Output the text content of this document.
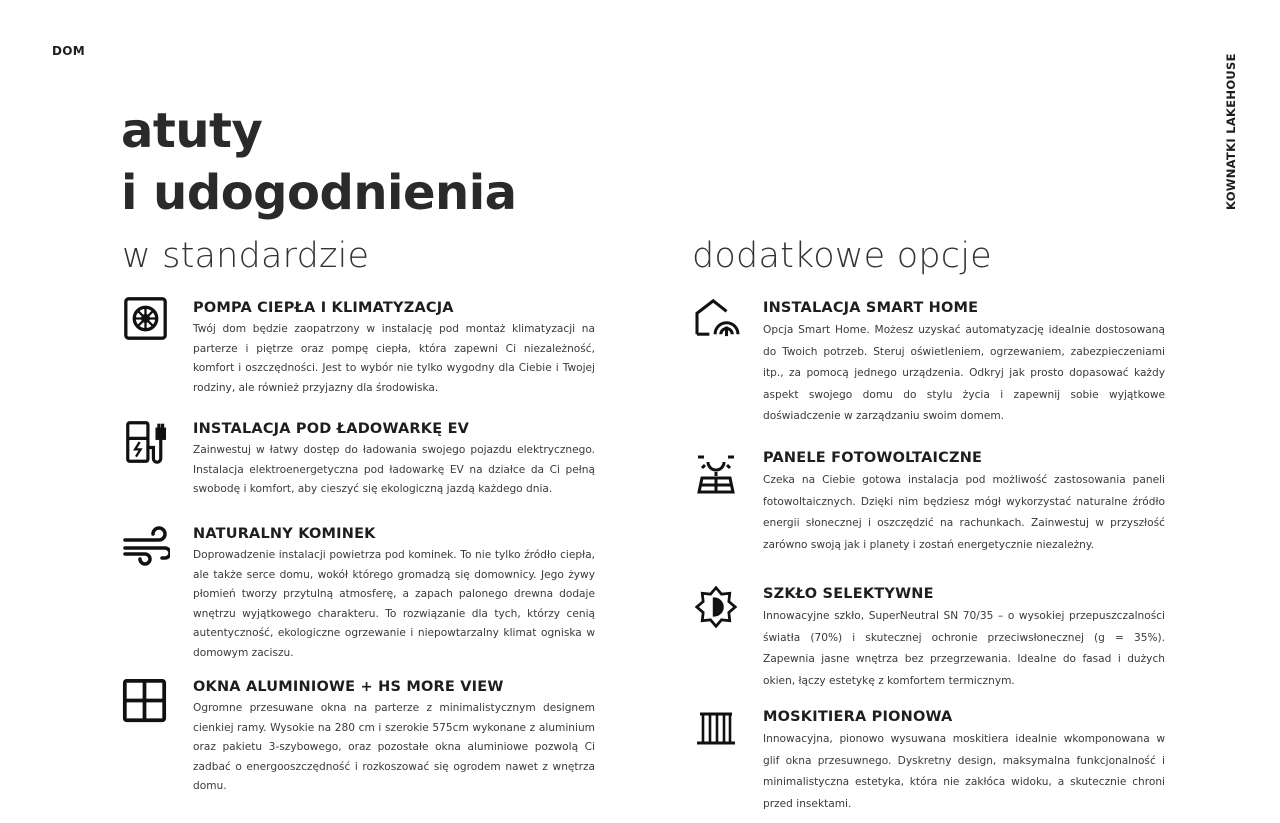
DOM
KOWNATKI LAKEHOUSE
atuty
i udogodnienia
w standardzie	dodatkowe opcje
POMPA CIEPŁA I KLIMATYZACJA

Twój dom będzie zaopatrzony w instalację pod montaż klimatyzacji na parterze i piętrze oraz pompę ciepła, która zapewni Ci niezależność, komfort i oszczędności. Jest to wybór nie tylko wygodny dla Ciebie i Twojej rodziny, ale również przyjazny dla środowiska.

INSTALACJA POD ŁADOWARKĘ EV

Zainwestuj w łatwy dostęp do ładowania swojego pojazdu elektrycznego. Instalacja elektroenergetyczna pod ładowarkę EV na działce da Ci pełną swobodę i komfort, aby cieszyć się ekologiczną jazdą każdego dnia.

NATURALNY KOMINEK

Doprowadzenie instalacji powietrza pod kominek. To nie tylko źródło ciepła, ale także serce domu, wokół którego gromadzą się domownicy. Jego żywy płomień tworzy przytulną atmosferę, a zapach palonego drewna dodaje wnętrzu wyjątkowego charakteru. To rozwiązanie dla tych, którzy cenią autentyczność, ekologiczne ogrzewanie i niepowtarzalny klimat ogniska w domowym zaciszu.

OKNA ALUMINIOWE + HS MORE VIEW

Ogromne przesuwane okna na parterze z minimalistycznym designem cienkiej ramy. Wysokie na 280 cm i szerokie 575cm wykonane z aluminium oraz pakietu 3-szybowego, oraz pozostałe okna aluminiowe pozwolą Ci zadbać o energooszczędność i rozkoszować się ogrodem nawet z wnętrza domu.

INSTALACJA SMART HOME

Opcja Smart Home. Możesz uzyskać automatyzację idealnie dostosowaną do Twoich potrzeb. Steruj oświetleniem, ogrzewaniem, zabezpieczeniami itp., za pomocą jednego urządzenia. Odkryj jak prosto dopasować każdy aspekt swojego domu do stylu życia i zapewnij sobie wyjątkowe doświadczenie w zarządzaniu swoim domem.

PANELE FOTOWOLTAICZNE

Czeka na Ciebie gotowa instalacja pod możliwość zastosowania paneli fotowoltaicznych. Dzięki nim będziesz mógł wykorzystać naturalne źródło energii słonecznej i oszczędzić na rachunkach. Zainwestuj w przyszłość zarówno swoją jak i planety i zostań energetycznie niezależny.

SZKŁO SELEKTYWNE

Innowacyjne szkło, SuperNeutral SN 70/35 – o wysokiej przepuszczalności światła (70%) i skutecznej ochronie przeciwsłonecznej (g = 35%). Zapewnia jasne wnętrza bez przegrzewania. Idealne do fasad i dużych okien, łączy estetykę z komfortem termicznym.

MOSKITIERA PIONOWA

Innowacyjna, pionowo wysuwana moskitiera idealnie wkomponowana w glif okna przesuwnego. Dyskretny design, maksymalna funkcjonalność i minimalistyczna estetyka, która nie zakłóca widoku, a skutecznie chroni przed insektami.
